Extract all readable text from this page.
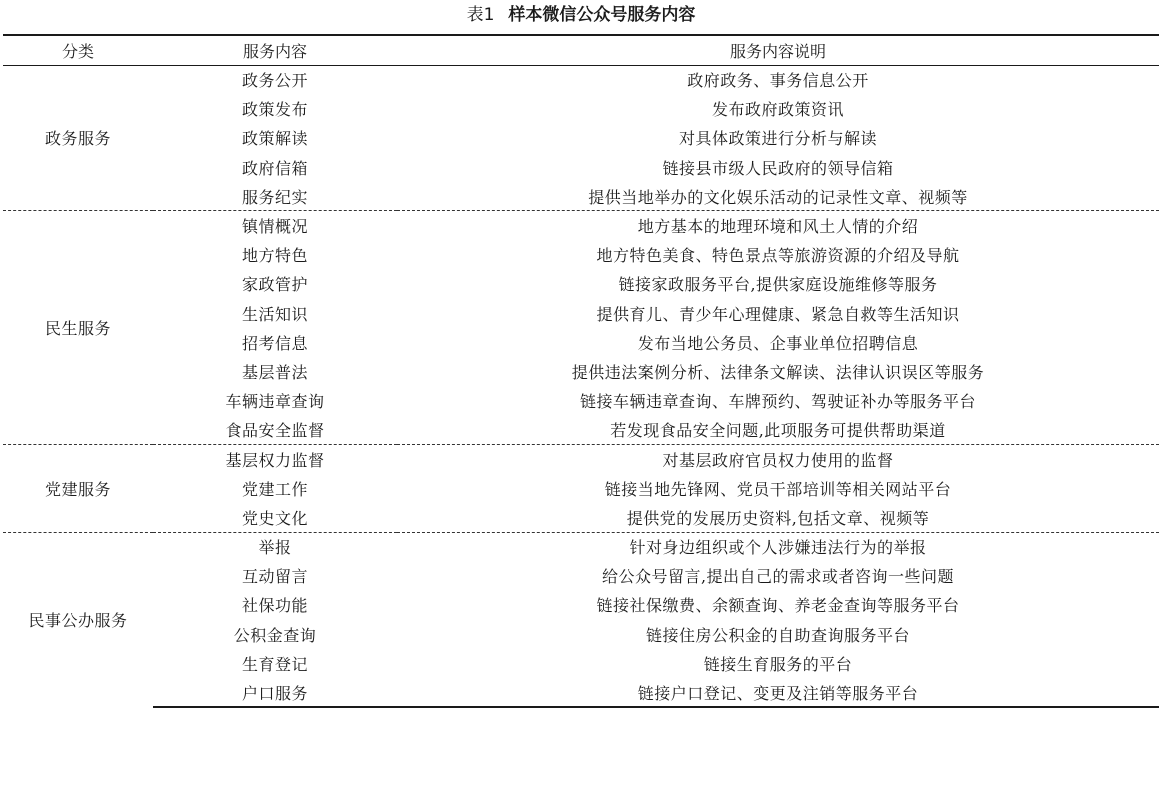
表1 样本微信公众号服务内容
分类	服务内容	服务内容说明
政务服务	政务公开	政府政务、事务信息公开
	政策发布	发布政府政策资讯
	政策解读	对具体政策进行分析与解读
	政府信箱	链接县市级人民政府的领导信箱
	服务纪实	提供当地举办的文化娱乐活动的记录性文章、视频等
民生服务	镇情概况	地方基本的地理环境和风土人情的介绍
	地方特色	地方特色美食、特色景点等旅游资源的介绍及导航
	家政管护	链接家政服务平台,提供家庭设施维修等服务
	生活知识	提供育儿、青少年心理健康、紧急自救等生活知识
	招考信息	发布当地公务员、企事业单位招聘信息
	基层普法	提供违法案例分析、法律条文解读、法律认识误区等服务
	车辆违章查询	链接车辆违章查询、车牌预约、驾驶证补办等服务平台
	食品安全监督	若发现食品安全问题,此项服务可提供帮助渠道
党建服务	基层权力监督	对基层政府官员权力使用的监督
	党建工作	链接当地先锋网、党员干部培训等相关网站平台
	党史文化	提供党的发展历史资料,包括文章、视频等
民事公办服务	举报	针对身边组织或个人涉嫌违法行为的举报
	互动留言	给公众号留言,提出自己的需求或者咨询一些问题
	社保功能	链接社保缴费、余额查询、养老金查询等服务平台
	公积金查询	链接住房公积金的自助查询服务平台
	生育登记	链接生育服务的平台
	户口服务	链接户口登记、变更及注销等服务平台
